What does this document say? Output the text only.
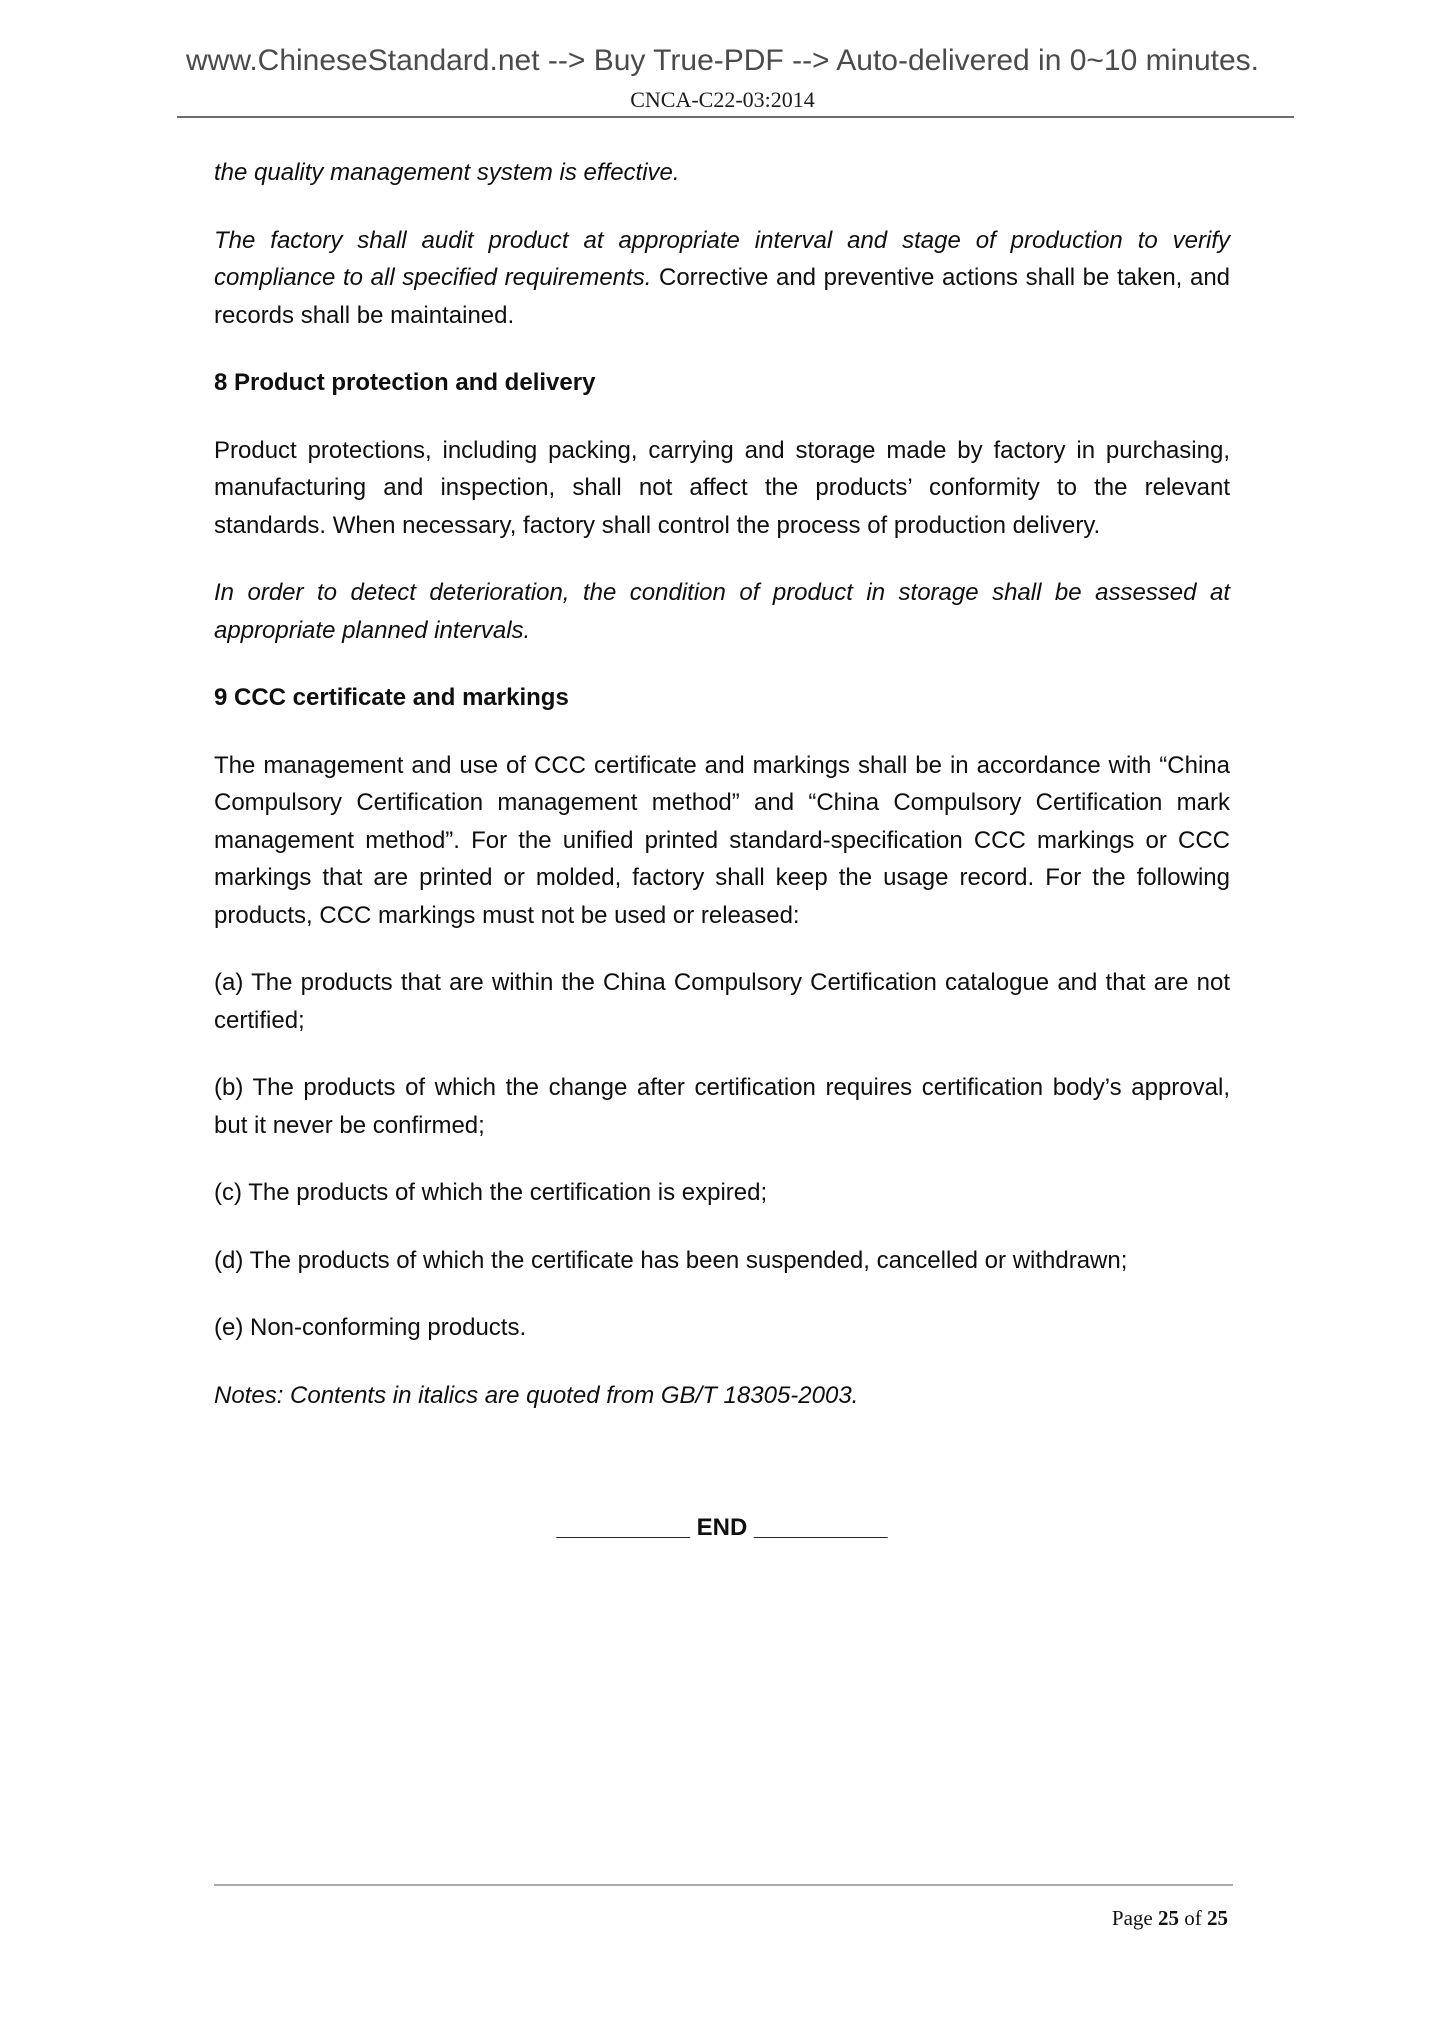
www.ChineseStandard.net --> Buy True-PDF --> Auto-delivered in 0~10 minutes.
CNCA-C22-03:2014

the quality management system is effective.

The factory shall audit product at appropriate interval and stage of production to verify compliance to all specified requirements. Corrective and preventive actions shall be taken, and records shall be maintained.

8 Product protection and delivery

Product protections, including packing, carrying and storage made by factory in purchasing, manufacturing and inspection, shall not affect the products’ conformity to the relevant standards. When necessary, factory shall control the process of production delivery.

In order to detect deterioration, the condition of product in storage shall be assessed at appropriate planned intervals.

9 CCC certificate and markings

The management and use of CCC certificate and markings shall be in accordance with “China Compulsory Certification management method” and “China Compulsory Certification mark management method”. For the unified printed standard-specification CCC markings or CCC markings that are printed or molded, factory shall keep the usage record. For the following products, CCC markings must not be used or released:

(a) The products that are within the China Compulsory Certification catalogue and that are not certified;

(b) The products of which the change after certification requires certification body’s approval, but it never be confirmed;

(c) The products of which the certification is expired;

(d) The products of which the certificate has been suspended, cancelled or withdrawn;

(e) Non-conforming products.

Notes: Contents in italics are quoted from GB/T 18305-2003.

__________ END __________

Page 25 of 25
